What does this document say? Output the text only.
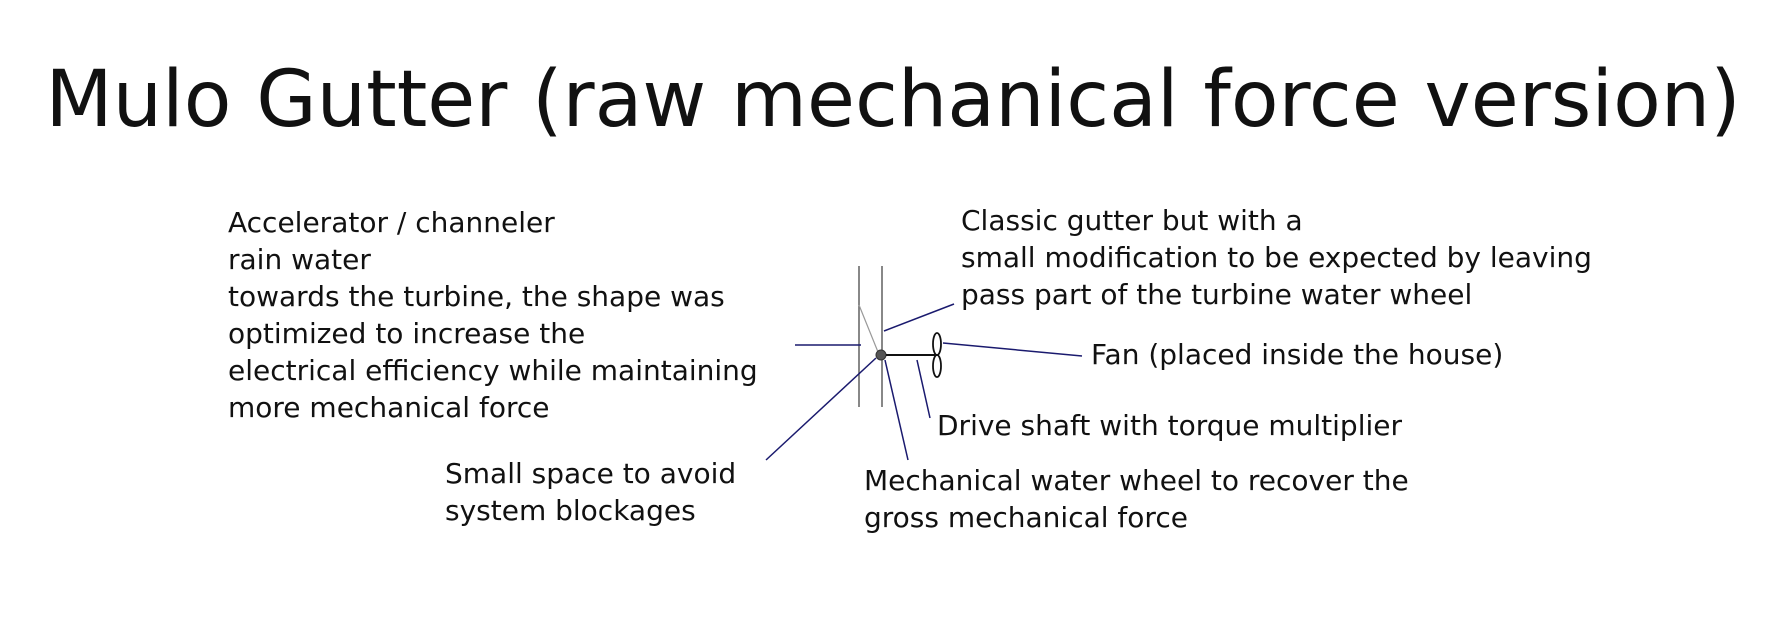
Mulo Gutter (raw mechanical force version)
Accelerator / channeler
rain water
towards the turbine, the shape was
optimized to increase the
electrical efficiency while maintaining
more mechanical force
Classic gutter but with a
small modification to be expected by leaving
pass part of the turbine water wheel
Fan (placed inside the house)
Drive shaft with torque multiplier
Small space to avoid
system blockages
Mechanical water wheel to recover the
gross mechanical force
